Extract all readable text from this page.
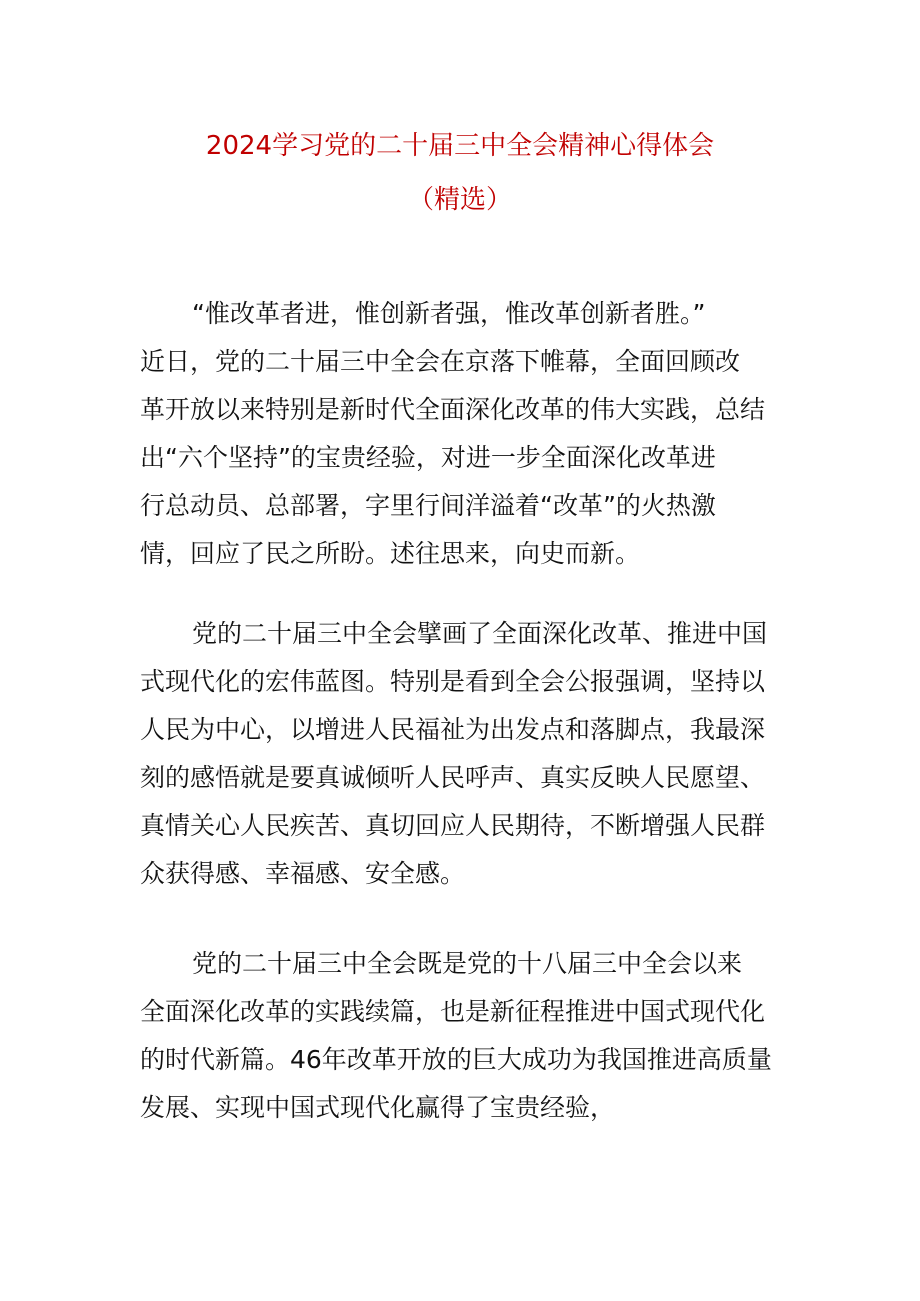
2024学习党的二十届三中全会精神心得体会
（精选）
“惟改革者进，惟创新者强，惟改革创新者胜。”
近日，党的二十届三中全会在京落下帷幕，全面回顾改
革开放以来特别是新时代全面深化改革的伟大实践，总结
出“六个坚持”的宝贵经验，对进一步全面深化改革进
行总动员、总部署，字里行间洋溢着“改革”的火热激
情，回应了民之所盼。述往思来，向史而新。
党的二十届三中全会擘画了全面深化改革、推进中国
式现代化的宏伟蓝图。特别是看到全会公报强调，坚持以
人民为中心，以增进人民福祉为出发点和落脚点，我最深
刻的感悟就是要真诚倾听人民呼声、真实反映人民愿望、
真情关心人民疾苦、真切回应人民期待，不断增强人民群
众获得感、幸福感、安全感。
党的二十届三中全会既是党的十八届三中全会以来
全面深化改革的实践续篇，也是新征程推进中国式现代化
的时代新篇。46年改革开放的巨大成功为我国推进高质量
发展、实现中国式现代化赢得了宝贵经验，
